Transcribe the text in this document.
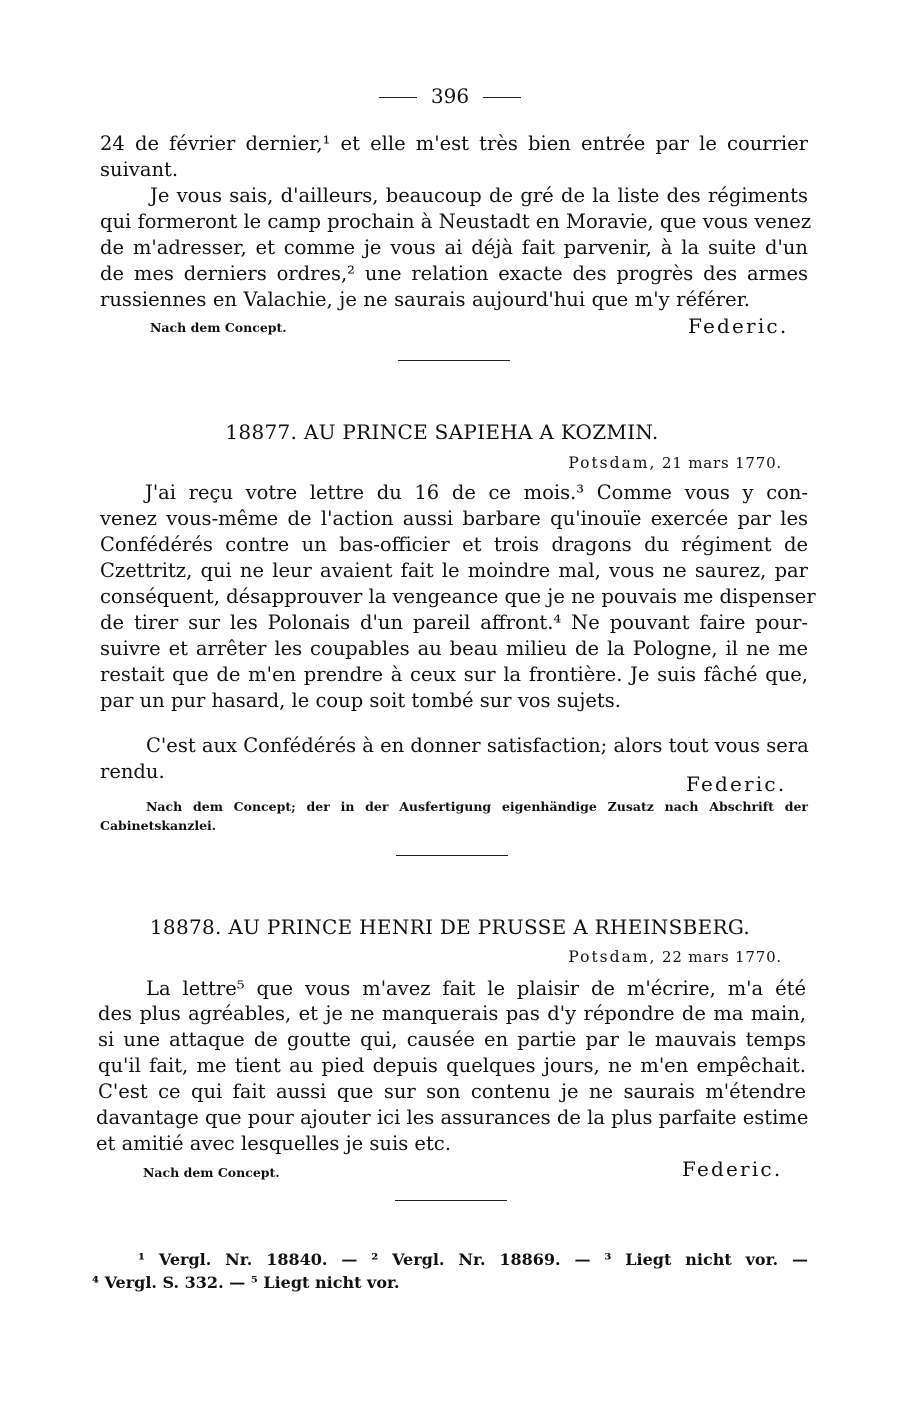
396
24 de février dernier,¹ et elle m'est très bien entrée par le courrier
suivant.
Je vous sais, d'ailleurs, beaucoup de gré de la liste des régiments
qui formeront le camp prochain à Neustadt en Moravie, que vous venez
de m'adresser, et comme je vous ai déjà fait parvenir, à la suite d'un
de mes derniers ordres,² une relation exacte des progrès des armes
russiennes en Valachie, je ne saurais aujourd'hui que m'y référer.
Nach dem Concept.	Federic.
18877. AU PRINCE SAPIEHA A KOZMIN.
Potsdam, 21 mars 1770.
J'ai reçu votre lettre du 16 de ce mois.³ Comme vous y con-
venez vous-même de l'action aussi barbare qu'inouïe exercée par les
Confédérés contre un bas-officier et trois dragons du régiment de
Czettritz, qui ne leur avaient fait le moindre mal, vous ne saurez, par
conséquent, désapprouver la vengeance que je ne pouvais me dispenser
de tirer sur les Polonais d'un pareil affront.⁴ Ne pouvant faire pour-
suivre et arrêter les coupables au beau milieu de la Pologne, il ne me
restait que de m'en prendre à ceux sur la frontière. Je suis fâché que,
par un pur hasard, le coup soit tombé sur vos sujets.
C'est aux Confédérés à en donner satisfaction; alors tout vous sera
rendu.
Federic.
Nach dem Concept; der in der Ausfertigung eigenhändige Zusatz nach Abschrift der
Cabinetskanzlei.
18878. AU PRINCE HENRI DE PRUSSE A RHEINSBERG.
Potsdam, 22 mars 1770.
La lettre⁵ que vous m'avez fait le plaisir de m'écrire, m'a été
des plus agréables, et je ne manquerais pas d'y répondre de ma main,
si une attaque de goutte qui, causée en partie par le mauvais temps
qu'il fait, me tient au pied depuis quelques jours, ne m'en empêchait.
C'est ce qui fait aussi que sur son contenu je ne saurais m'étendre
davantage que pour ajouter ici les assurances de la plus parfaite estime
et amitié avec lesquelles je suis etc.
Nach dem Concept.	Federic.
¹ Vergl. Nr. 18840. — ² Vergl. Nr. 18869. — ³ Liegt nicht vor. —
⁴ Vergl. S. 332. — ⁵ Liegt nicht vor.
